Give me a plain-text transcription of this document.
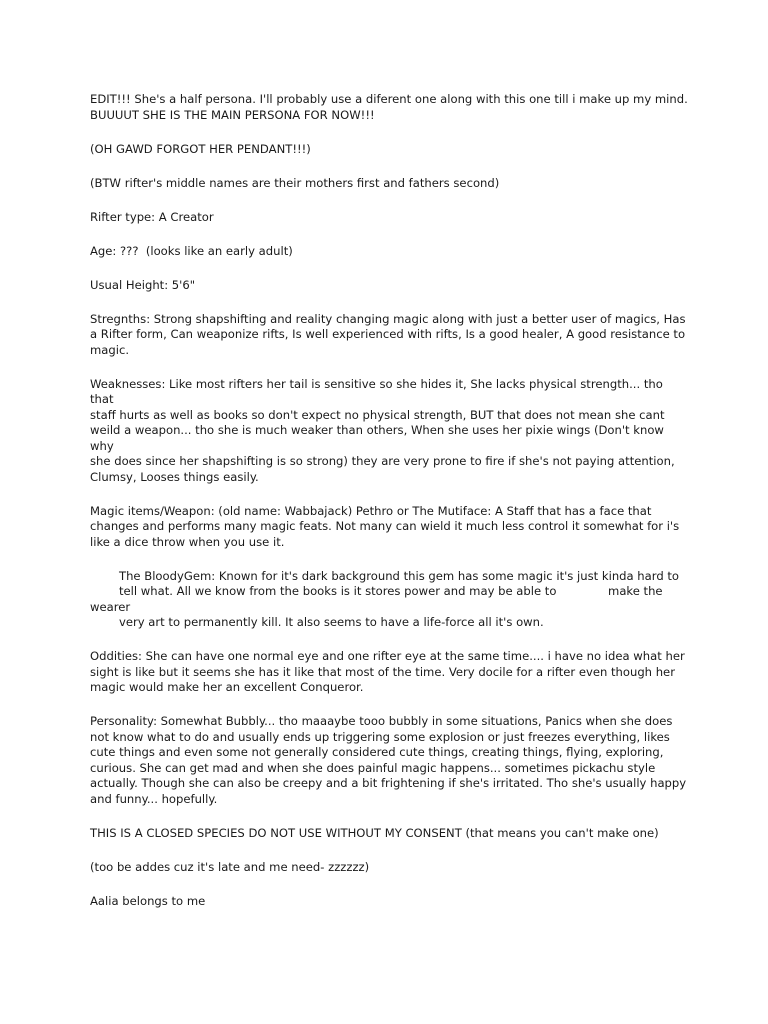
EDIT!!! She's a half persona. I'll probably use a diferent one along with this one till i make up my mind.
BUUUUT SHE IS THE MAIN PERSONA FOR NOW!!!

(OH GAWD FORGOT HER PENDANT!!!)

(BTW rifter's middle names are their mothers first and fathers second)

Rifter type: A Creator

Age: ???  (looks like an early adult)

Usual Height: 5'6"

Stregnths: Strong shapshifting and reality changing magic along with just a better user of magics, Has
a Rifter form, Can weaponize rifts, Is well experienced with rifts, Is a good healer, A good resistance to
magic.

Weaknesses: Like most rifters her tail is sensitive so she hides it, She lacks physical strength... tho that
staff hurts as well as books so don't expect no physical strength, BUT that does not mean she cant
weild a weapon... tho she is much weaker than others, When she uses her pixie wings (Don't know why
she does since her shapshifting is so strong) they are very prone to fire if she's not paying attention,
Clumsy, Looses things easily.

Magic items/Weapon: (old name: Wabbajack) Pethro or The Mutiface: A Staff that has a face that
changes and performs many magic feats. Not many can wield it much less control it somewhat for i's
like a dice throw when you use it.

The BloodyGem: Known for it's dark background this gem has some magic it's just kinda hard to
tell what. All we know from the books is it stores power and may be able to              make the wearer
very art to permanently kill. It also seems to have a life-force all it's own.

Oddities: She can have one normal eye and one rifter eye at the same time.... i have no idea what her
sight is like but it seems she has it like that most of the time. Very docile for a rifter even though her
magic would make her an excellent Conqueror.

Personality: Somewhat Bubbly... tho maaaybe tooo bubbly in some situations, Panics when she does
not know what to do and usually ends up triggering some explosion or just freezes everything, likes
cute things and even some not generally considered cute things, creating things, flying, exploring,
curious. She can get mad and when she does painful magic happens... sometimes pickachu style
actually. Though she can also be creepy and a bit frightening if she's irritated. Tho she's usually happy
and funny... hopefully.

THIS IS A CLOSED SPECIES DO NOT USE WITHOUT MY CONSENT (that means you can't make one)

(too be addes cuz it's late and me need- zzzzzz)

Aalia belongs to me
